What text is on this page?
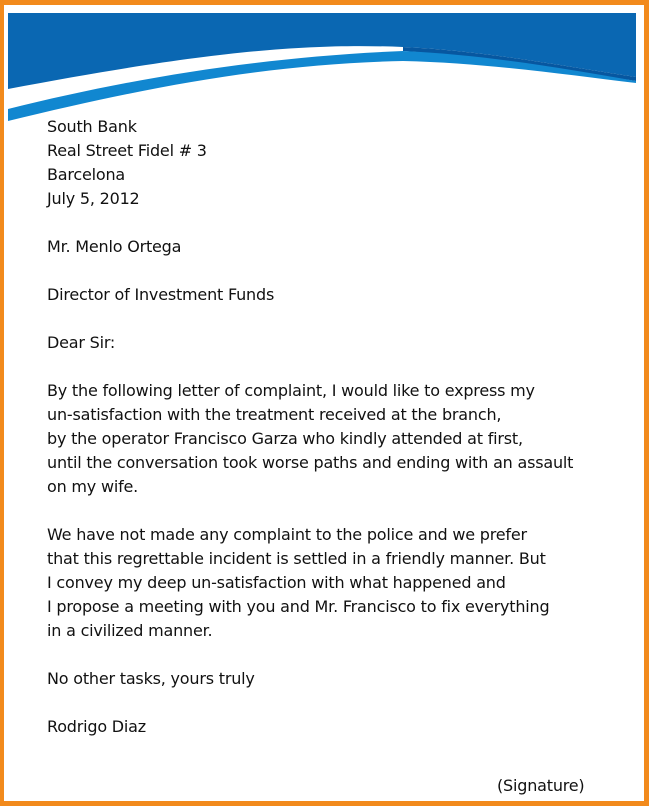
South Bank

Real Street Fidel # 3

Barcelona

July 5, 2012

Mr. Menlo Ortega

Director of Investment Funds

Dear Sir:

By the following letter of complaint, I would like to express my

un-satisfaction with the treatment received at the branch,

by the operator Francisco Garza who kindly attended at first,

until the conversation took worse paths and ending with an assault

on my wife.

We have not made any complaint to the police and we prefer

that this regrettable incident is settled in a friendly manner. But

I convey my deep un-satisfaction with what happened and

I propose a meeting with you and Mr. Francisco to fix everything

in a civilized manner.

No other tasks, yours truly

Rodrigo Diaz

(Signature)
